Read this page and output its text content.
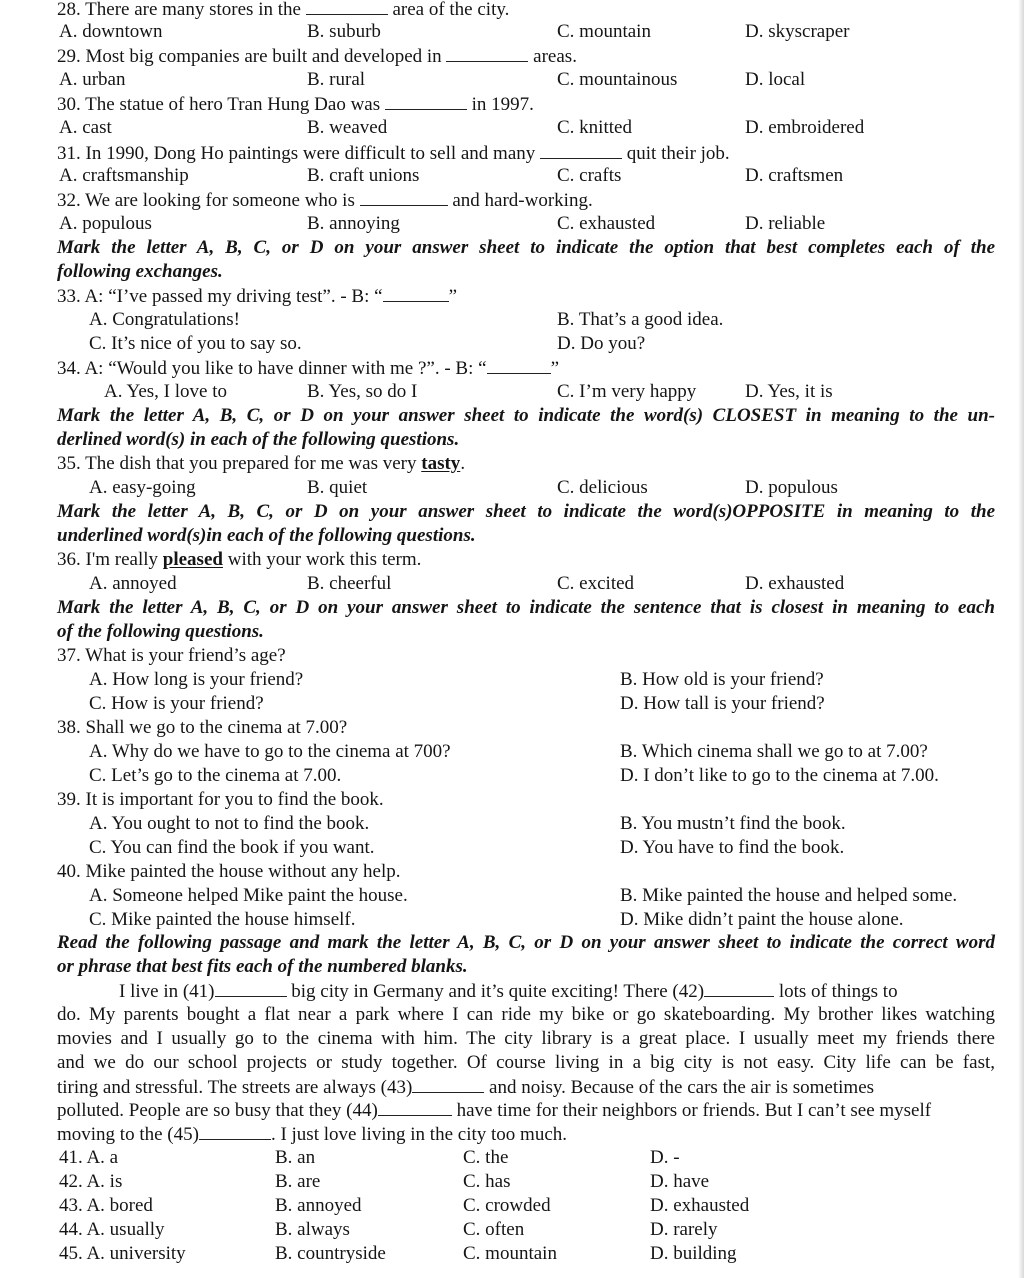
28. There are many stores in the	area of the city.
A. downtown	B. suburb	C. mountain	D. skyscraper
29. Most big companies are built and developed in	areas.
A. urban	B. rural	C. mountainous	D. local
30. The statue of hero Tran Hung Dao was	in 1997.
A. cast	B. weaved	C. knitted	D. embroidered
31. In 1990, Dong Ho paintings were difficult to sell and many	quit their job.
A. craftsmanship	B. craft unions	C. crafts	D. craftsmen
32. We are looking for someone who is	and hard-working.
A. populous	B. annoying	C. exhausted	D. reliable
Mark the letter A, B, C, or D on your answer sheet to indicate the option that best completes each of the
following exchanges.
33. A: “I’ve passed my driving test”. - B: “	”
A. Congratulations!	B. That’s a good idea.
C. It’s nice of you to say so.	D. Do you?
34. A: “Would you like to have dinner with me ?”. - B: “	”
A. Yes, I love to	B. Yes, so do I	C. I’m very happy	D. Yes, it is
Mark the letter A, B, C, or D on your answer sheet to indicate the word(s) CLOSEST in meaning to the un-
derlined word(s) in each of the following questions.
35. The dish that you prepared for me was very tasty.
A. easy-going	B. quiet	C. delicious	D. populous
Mark the letter A, B, C, or D on your answer sheet to indicate the word(s)OPPOSITE in meaning to the
underlined word(s)in each of the following questions.
36. I'm really pleased with your work this term.
A. annoyed	B. cheerful	C. excited	D. exhausted
Mark the letter A, B, C, or D on your answer sheet to indicate the sentence that is closest in meaning to each
of the following questions.
37. What is your friend’s age?
A. How long is your friend?	B. How old is your friend?
C. How is your friend?	D. How tall is your friend?
38. Shall we go to the cinema at 7.00?
A. Why do we have to go to the cinema at 700?	B. Which cinema shall we go to at 7.00?
C. Let’s go to the cinema at 7.00.	D. I don’t like to go to the cinema at 7.00.
39. It is important for you to find the book.
A. You ought to not to find the book.	B. You mustn’t find the book.
C. You can find the book if you want.	D. You have to find the book.
40. Mike painted the house without any help.
A. Someone helped Mike paint the house.	B. Mike painted the house and helped some.
C. Mike painted the house himself.	D. Mike didn’t paint the house alone.
Read the following passage and mark the letter A, B, C, or D on your answer sheet to indicate the correct word
or phrase that best fits each of the numbered blanks.
I live in (41)	big city in Germany and it’s quite exciting! There (42)	lots of things to
do. My parents bought a flat near a park where I can ride my bike or go skateboarding. My brother likes watching
movies and I usually go to the cinema with him. The city library is a great place. I usually meet my friends there
and we do our school projects or study together. Of course living in a big city is not easy. City life can be fast,
tiring and stressful. The streets are always (43)	and noisy. Because of the cars the air is sometimes
polluted. People are so busy that they (44)	have time for their neighbors or friends. But I can’t see myself
moving to the (45)	. I just love living in the city too much.
41. A. a	B. an	C. the	D. -
42. A. is	B. are	C. has	D. have
43. A. bored	B. annoyed	C. crowded	D. exhausted
44. A. usually	B. always	C. often	D. rarely
45. A. university	B. countryside	C. mountain	D. building
